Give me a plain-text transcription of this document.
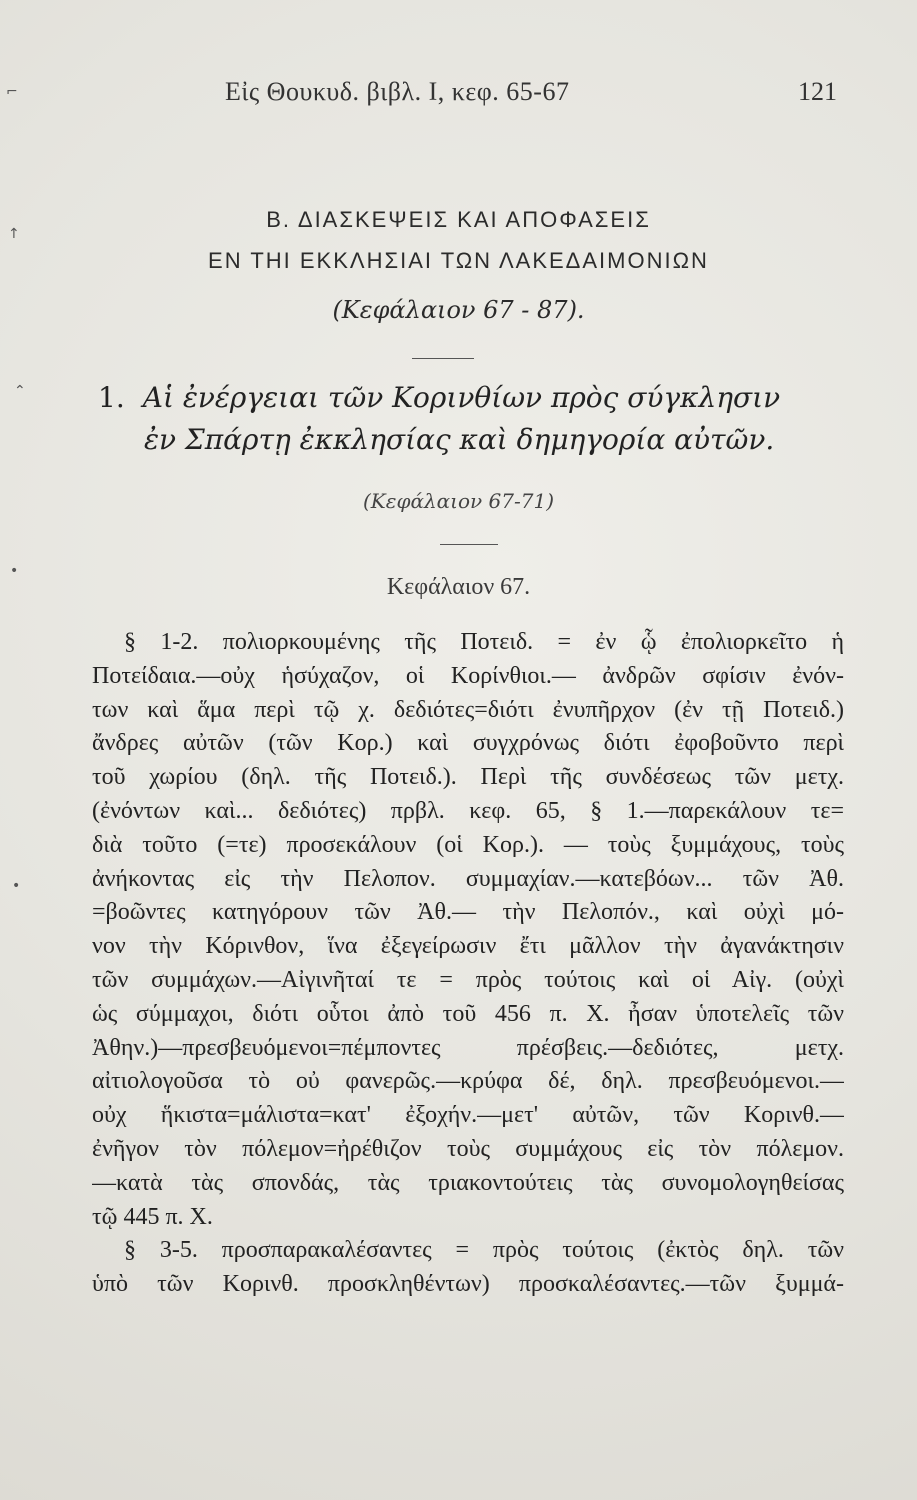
Εἰς Θουκυδ. βιβλ. Ι, κεφ. 65-67	121
Β. ΔΙΑΣΚΕΨΕΙΣ ΚΑΙ ΑΠΟΦΑΣΕΙΣ
ΕΝ ΤΗΙ ΕΚΚΛΗΣΙΑΙ ΤΩΝ ΛΑΚΕΔΑΙΜΟΝΙΩΝ
(Κεφάλαιον 67 - 87).
1. Αἱ ἐνέργειαι τῶν Κορινθίων πρὸς σύγκλησιν
ἐν Σπάρτῃ ἐκκλησίας καὶ δημηγορία αὐτῶν.
(Κεφάλαιον 67-71)
Κεφάλαιον 67.
§ 1-2. πολιορκουμένης τῆς Ποτειδ. = ἐν ᾧ ἐπολιορκεῖτο ἡ
Ποτείδαια.—οὐχ ἡσύχαζον, οἱ Κορίνθιοι.— ἀνδρῶν σφίσιν ἐνόν-
των καὶ ἅμα περὶ τῷ χ. δεδιότες=διότι ἐνυπῆρχον (ἐν τῇ Ποτειδ.)
ἄνδρες αὐτῶν (τῶν Κορ.) καὶ συγχρόνως διότι ἐφοβοῦντο περὶ
τοῦ χωρίου (δηλ. τῆς Ποτειδ.). Περὶ τῆς συνδέσεως τῶν μετχ.
(ἐνόντων καὶ... δεδιότες) πρβλ. κεφ. 65, § 1.—παρεκάλουν τε=
διὰ τοῦτο (=τε) προσεκάλουν (οἱ Κορ.). — τοὺς ξυμμάχους, τοὺς
ἀνήκοντας εἰς τὴν Πελοπον. συμμαχίαν.—κατεβόων... τῶν Ἀθ.
=βοῶντες κατηγόρουν τῶν Ἀθ.— τὴν Πελοπόν., καὶ οὐχὶ μό-
νον τὴν Κόρινθον, ἵνα ἐξεγείρωσιν ἔτι μᾶλλον τὴν ἀγανάκτησιν
τῶν συμμάχων.—Αἰγινῆταί τε = πρὸς τούτοις καὶ οἱ Αἰγ. (οὐχὶ
ὡς σύμμαχοι, διότι οὗτοι ἀπὸ τοῦ 456 π. Χ. ἦσαν ὑποτελεῖς τῶν
Ἀθην.)—πρεσβευόμενοι=πέμποντες πρέσβεις.—δεδιότες, μετχ.
αἰτιολογοῦσα τὸ οὐ φανερῶς.—κρύφα δέ, δηλ. πρεσβευόμενοι.—
οὐχ ἥκιστα=μάλιστα=κατ' ἐξοχήν.—μετ' αὐτῶν, τῶν Κορινθ.—
ἐνῆγον τὸν πόλεμον=ἠρέθιζον τοὺς συμμάχους εἰς τὸν πόλεμον.
—κατὰ τὰς σπονδάς, τὰς τριακοντούτεις τὰς συνομολογηθείσας
τῷ 445 π. Χ.
§ 3-5. προσπαρακαλέσαντες = πρὸς τούτοις (ἐκτὸς δηλ. τῶν
ὑπὸ τῶν Κορινθ. προσκληθέντων) προσκαλέσαντες.—τῶν ξυμμά-
⌐
↑
⌃
•
•
